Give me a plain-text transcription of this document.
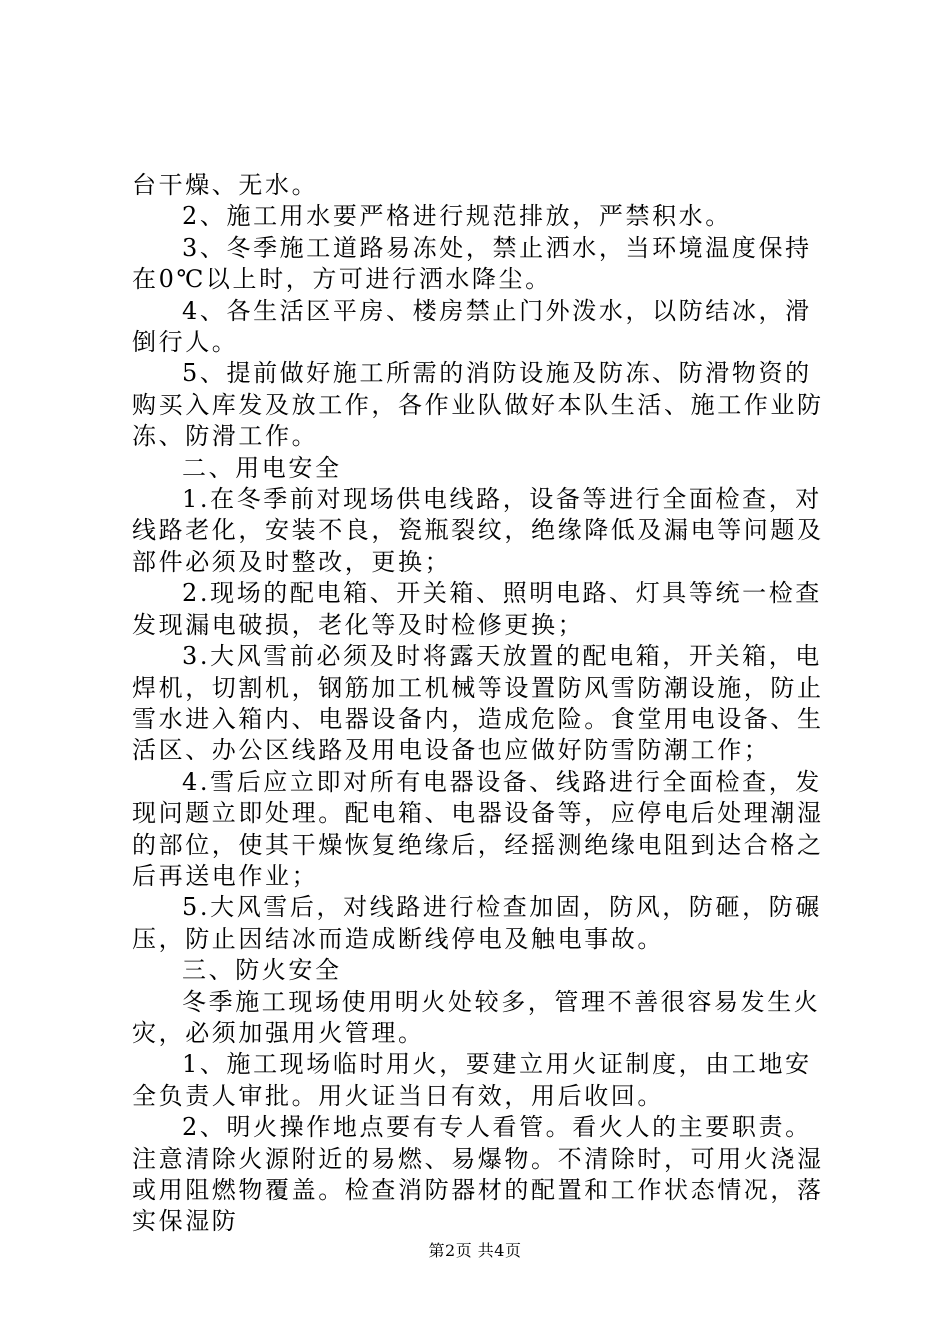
台干燥、无水。

2、施工用水要严格进行规范排放，严禁积水。

3、冬季施工道路易冻处，禁止洒水，当环境温度保持在0℃以上时，方可进行洒水降尘。

4、各生活区平房、楼房禁止门外泼水，以防结冰，滑倒行人。

5、提前做好施工所需的消防设施及防冻、防滑物资的购买入库发及放工作，各作业队做好本队生活、施工作业防冻、防滑工作。

二、用电安全

1.在冬季前对现场供电线路，设备等进行全面检查，对线路老化，安装不良，瓷瓶裂纹，绝缘降低及漏电等问题及部件必须及时整改，更换；

2.现场的配电箱、开关箱、照明电路、灯具等统一检查发现漏电破损，老化等及时检修更换；

3.大风雪前必须及时将露天放置的配电箱，开关箱，电焊机，切割机，钢筋加工机械等设置防风雪防潮设施，防止雪水进入箱内、电器设备内，造成危险。食堂用电设备、生活区、办公区线路及用电设备也应做好防雪防潮工作；

4.雪后应立即对所有电器设备、线路进行全面检查，发现问题立即处理。配电箱、电器设备等，应停电后处理潮湿的部位，使其干燥恢复绝缘后，经摇测绝缘电阻到达合格之后再送电作业；

5.大风雪后，对线路进行检查加固，防风，防砸，防碾压，防止因结冰而造成断线停电及触电事故。

三、防火安全

冬季施工现场使用明火处较多，管理不善很容易发生火灾，必须加强用火管理。

1、施工现场临时用火，要建立用火证制度，由工地安全负责人审批。用火证当日有效，用后收回。

2、明火操作地点要有专人看管。看火人的主要职责。注意清除火源附近的易燃、易爆物。不清除时，可用火浇湿或用阻燃物覆盖。检查消防器材的配置和工作状态情况，落实保湿防

第2页 共4页
